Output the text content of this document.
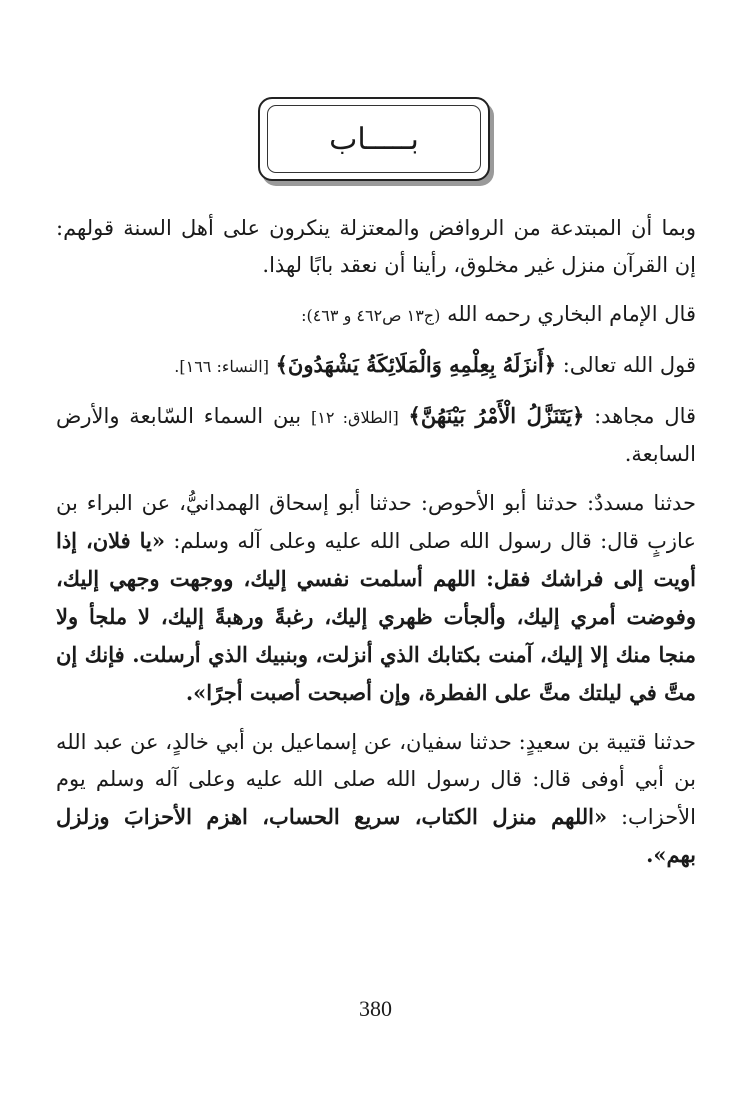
بـــــاب

وبما أن المبتدعة من الروافض والمعتزلة ينكرون على أهل السنة قولهم: إن القرآن منزل غير مخلوق، رأينا أن نعقد بابًا لهذا.

قال الإمام البخاري رحمه الله (ج١٣ ص٤٦٢ و ٤٦٣):

قول الله تعالى: ﴿أَنزَلَهُ بِعِلْمِهِ وَالْمَلَائِكَةُ يَشْهَدُونَ﴾ [النساء: ١٦٦].

قال مجاهد: ﴿يَتَنَزَّلُ الْأَمْرُ بَيْنَهُنَّ﴾ [الطلاق: ١٢] بين السماء السّابعة والأرض السابعة.

حدثنا مسددٌ: حدثنا أبو الأحوص: حدثنا أبو إسحاق الهمدانيُّ، عن البراء بن عازبٍ قال: قال رسول الله صلى الله عليه وعلى آله وسلم: «يا فلان، إذا أويت إلى فراشك فقل: اللهم أسلمت نفسي إليك، ووجهت وجهي إليك، وفوضت أمري إليك، وألجأت ظهري إليك، رغبةً ورهبةً إليك، لا ملجأ ولا منجا منك إلا إليك، آمنت بكتابك الذي أنزلت، وبنبيك الذي أرسلت. فإنك إن متَّ في ليلتك متَّ على الفطرة، وإن أصبحت أصبت أجرًا».

حدثنا قتيبة بن سعيدٍ: حدثنا سفيان، عن إسماعيل بن أبي خالدٍ، عن عبد الله بن أبي أوفى قال: قال رسول الله صلى الله عليه وعلى آله وسلم يوم الأحزاب: «اللهم منزل الكتاب، سريع الحساب، اهزم الأحزابَ وزلزل بهم».

380
